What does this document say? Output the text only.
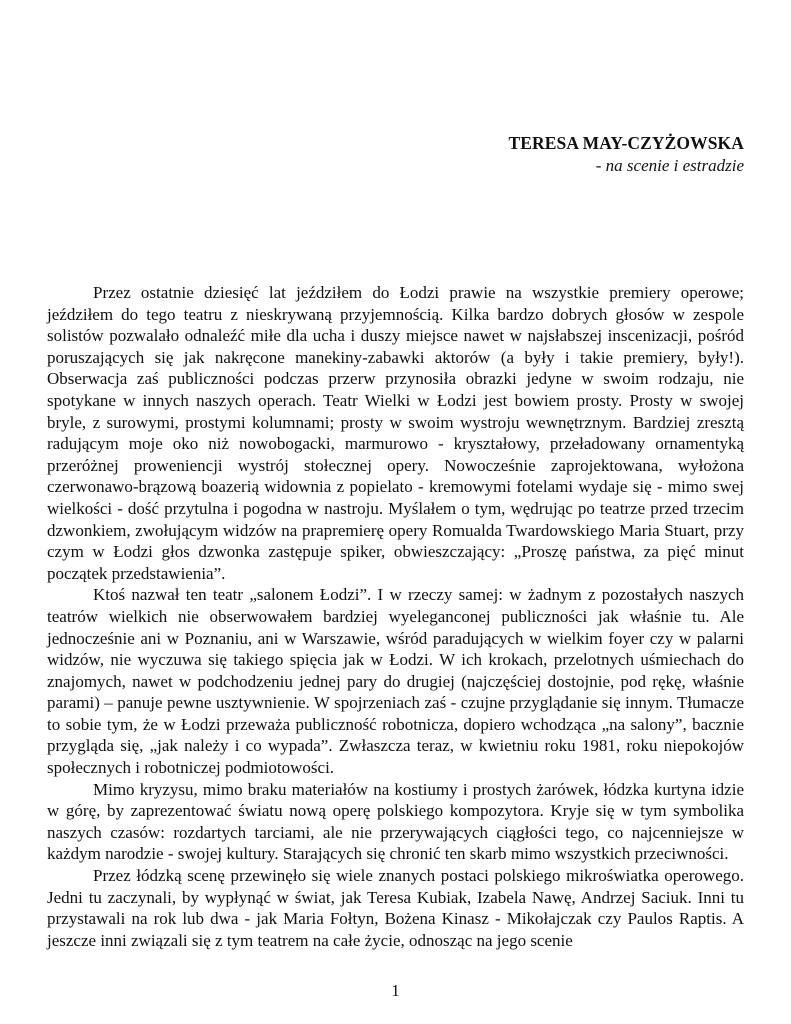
TERESA MAY-CZYŻOWSKA
- na scenie i estradzie

Przez ostatnie dziesięć lat jeździłem do Łodzi prawie na wszystkie premiery operowe; jeździłem do tego teatru z nieskrywaną przyjemnością. Kilka bardzo dobrych głosów w zespole solistów pozwalało odnaleźć miłe dla ucha i duszy miejsce nawet w najsłabszej inscenizacji, pośród poruszających się jak nakręcone manekiny-zabawki aktorów (a były i takie premiery, były!). Obserwacja zaś publiczności podczas przerw przynosiła obrazki jedyne w swoim rodzaju, nie spotykane w innych naszych operach. Teatr Wielki w Łodzi jest bowiem prosty. Prosty w swojej bryle, z surowymi, prostymi kolumnami; prosty w swoim wystroju wewnętrznym. Bardziej zresztą radującym moje oko niż nowobogacki, marmurowo - kryształowy, przeładowany ornamentyką przeróżnej proweniencji wystrój stołecznej opery. Nowocześnie zaprojektowana, wyłożona czerwonawo-brązową boazerią widownia z popielato - kremowymi fotelami wydaje się - mimo swej wielkości - dość przytulna i pogodna w nastroju. Myślałem o tym, wędrując po teatrze przed trzecim dzwonkiem, zwołującym widzów na prapremierę opery Romualda Twardowskiego Maria Stuart, przy czym w Łodzi głos dzwonka zastępuje spiker, obwieszczający: „Proszę państwa, za pięć minut początek przedstawienia”.

Ktoś nazwał ten teatr „salonem Łodzi”. I w rzeczy samej: w żadnym z pozostałych naszych teatrów wielkich nie obserwowałem bardziej wyeleganconej publiczności jak właśnie tu. Ale jednocześnie ani w Poznaniu, ani w Warszawie, wśród paradujących w wielkim foyer czy w palarni widzów, nie wyczuwa się takiego spięcia jak w Łodzi. W ich krokach, przelotnych uśmiechach do znajomych, nawet w podchodzeniu jednej pary do drugiej (najczęściej dostojnie, pod rękę, właśnie parami) – panuje pewne usztywnienie. W spojrzeniach zaś - czujne przyglądanie się innym. Tłumacze to sobie tym, że w Łodzi przeważa publiczność robotnicza, dopiero wchodząca „na salony”, bacznie przygląda się, „jak należy i co wypada”. Zwłaszcza teraz, w kwietniu roku 1981, roku niepokojów społecznych i robotniczej podmiotowości.

Mimo kryzysu, mimo braku materiałów na kostiumy i prostych żarówek, łódzka kurtyna idzie w górę, by zaprezentować światu nową operę polskiego kompozytora. Kryje się w tym symbolika naszych czasów: rozdartych tarciami, ale nie przerywających ciągłości tego, co najcenniejsze w każdym narodzie - swojej kultury. Starających się chronić ten skarb mimo wszystkich przeciwności.

Przez łódzką scenę przewinęło się wiele znanych postaci polskiego mikroświatka operowego. Jedni tu zaczynali, by wypłynąć w świat, jak Teresa Kubiak, Izabela Nawę, Andrzej Saciuk. Inni tu przystawali na rok lub dwa - jak Maria Fołtyn, Bożena Kinasz - Mikołajczak czy Paulos Raptis. A jeszcze inni związali się z tym teatrem na całe życie, odnosząc na jego scenie

1
